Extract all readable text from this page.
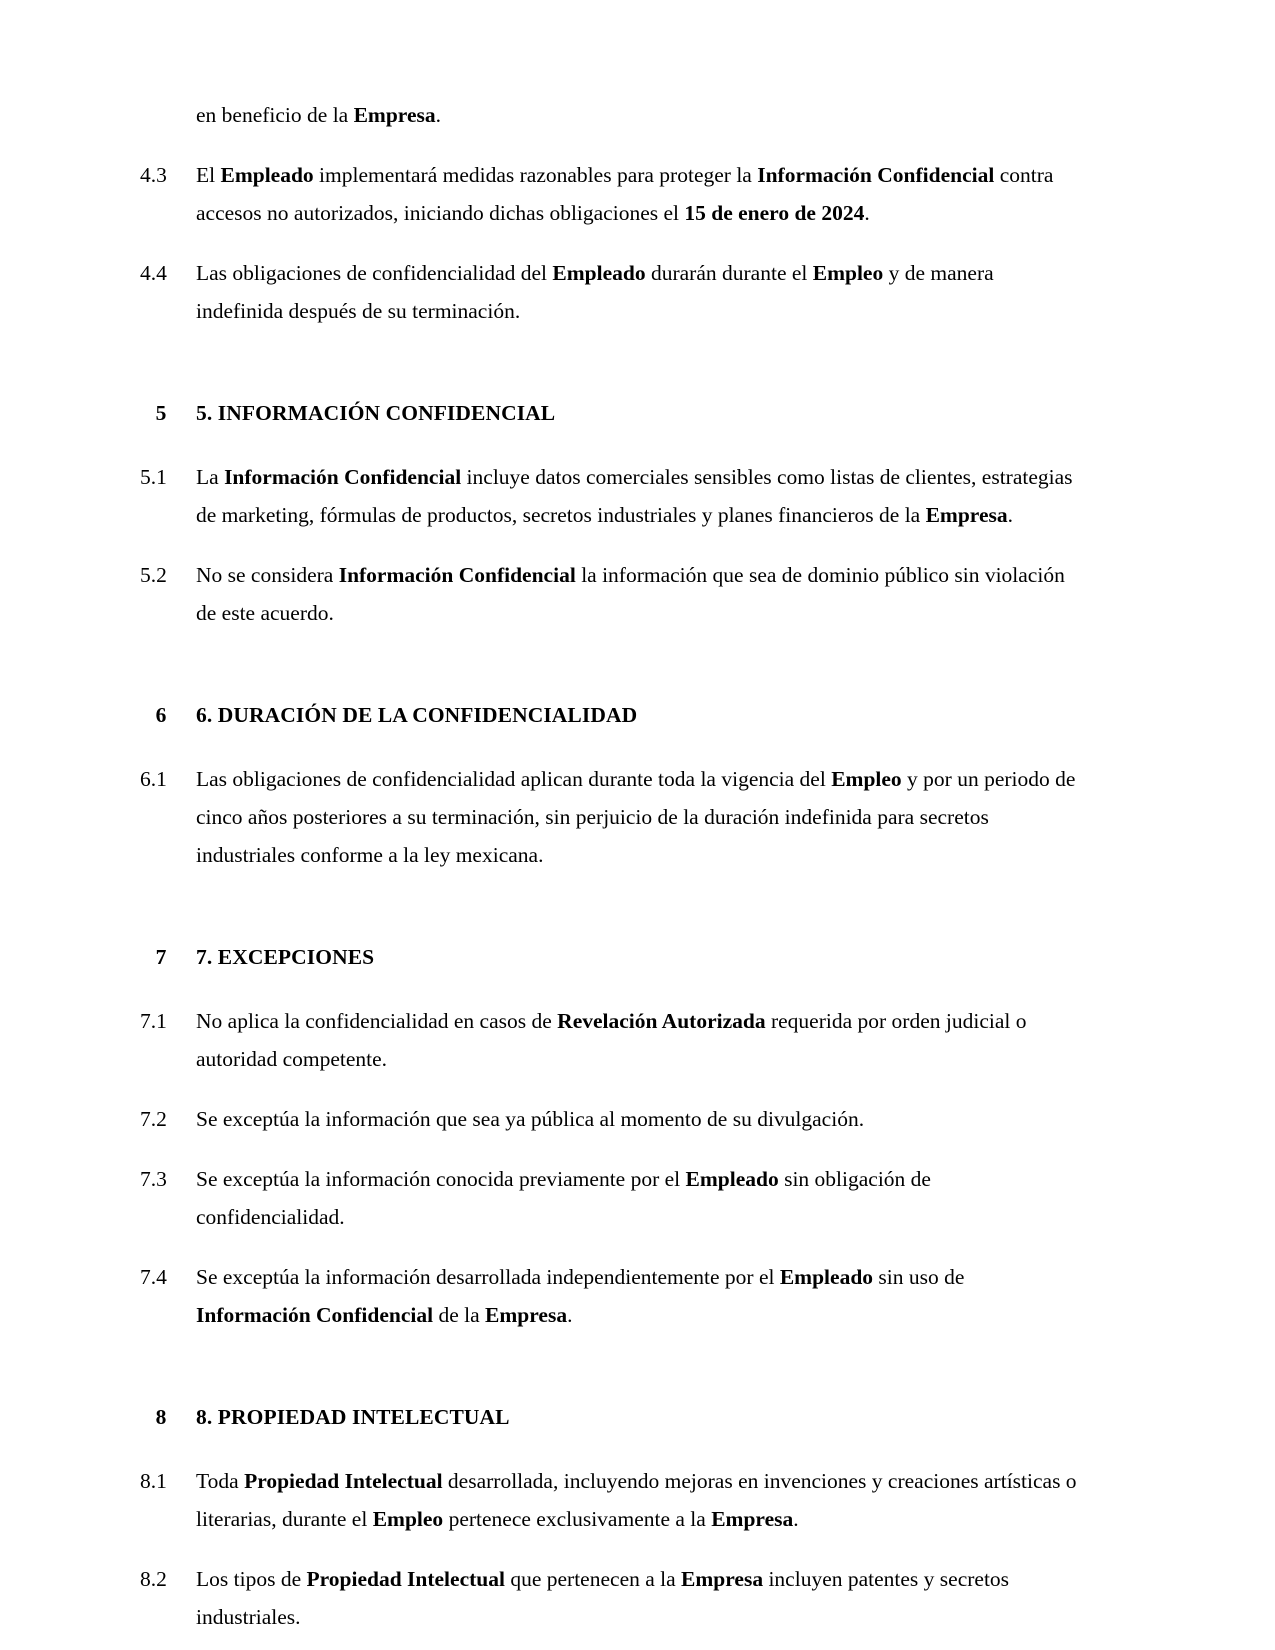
en beneficio de la Empresa.

4.3	El Empleado implementará medidas razonables para proteger la Información Confidencial contra accesos no autorizados, iniciando dichas obligaciones el 15 de enero de 2024.
4.4	Las obligaciones de confidencialidad del Empleado durarán durante el Empleo y de manera indefinida después de su terminación.
5	5. INFORMACIÓN CONFIDENCIAL
5.1	La Información Confidencial incluye datos comerciales sensibles como listas de clientes, estrategias de marketing, fórmulas de productos, secretos industriales y planes financieros de la Empresa.
5.2	No se considera Información Confidencial la información que sea de dominio público sin violación de este acuerdo.
6	6. DURACIÓN DE LA CONFIDENCIALIDAD
6.1	Las obligaciones de confidencialidad aplican durante toda la vigencia del Empleo y por un periodo de cinco años posteriores a su terminación, sin perjuicio de la duración indefinida para secretos industriales conforme a la ley mexicana.
7	7. EXCEPCIONES
7.1	No aplica la confidencialidad en casos de Revelación Autorizada requerida por orden judicial o autoridad competente.
7.2	Se exceptúa la información que sea ya pública al momento de su divulgación.
7.3	Se exceptúa la información conocida previamente por el Empleado sin obligación de confidencialidad.
7.4	Se exceptúa la información desarrollada independientemente por el Empleado sin uso de Información Confidencial de la Empresa.
8	8. PROPIEDAD INTELECTUAL
8.1	Toda Propiedad Intelectual desarrollada, incluyendo mejoras en invenciones y creaciones artísticas o literarias, durante el Empleo pertenece exclusivamente a la Empresa.
8.2	Los tipos de Propiedad Intelectual que pertenecen a la Empresa incluyen patentes y secretos industriales.
